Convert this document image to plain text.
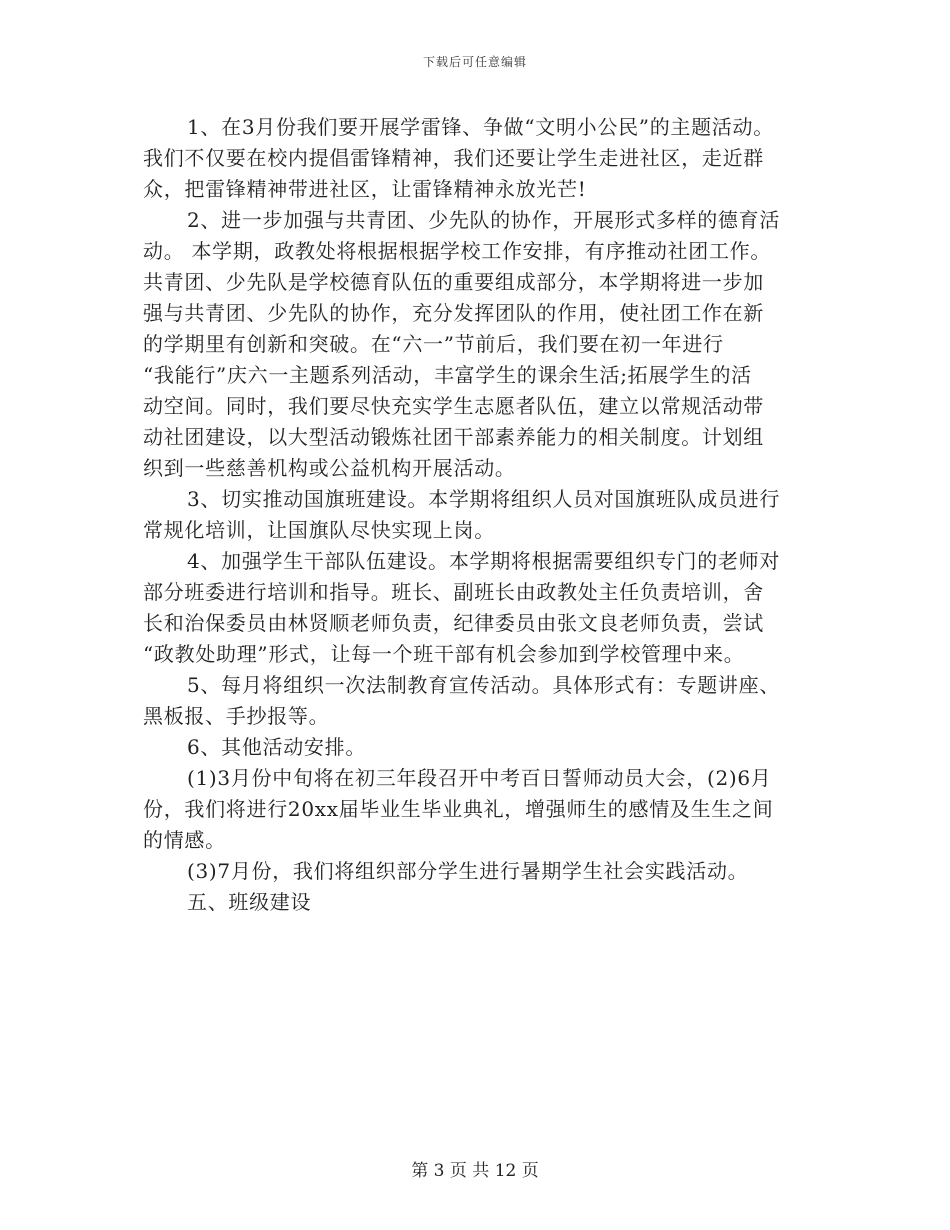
下载后可任意编辑
1、在3月份我们要开展学雷锋、争做“文明小公民”的主题活动。
我们不仅要在校内提倡雷锋精神，我们还要让学生走进社区，走近群
众，把雷锋精神带进社区，让雷锋精神永放光芒!
2、进一步加强与共青团、少先队的协作，开展形式多样的德育活
动。 本学期，政教处将根据根据学校工作安排，有序推动社团工作。
共青团、少先队是学校德育队伍的重要组成部分，本学期将进一步加
强与共青团、少先队的协作，充分发挥团队的作用，使社团工作在新
的学期里有创新和突破。在“六一”节前后，我们要在初一年进行
“我能行”庆六一主题系列活动，丰富学生的课余生活;拓展学生的活
动空间。同时，我们要尽快充实学生志愿者队伍，建立以常规活动带
动社团建设，以大型活动锻炼社团干部素养能力的相关制度。计划组
织到一些慈善机构或公益机构开展活动。
3、切实推动国旗班建设。本学期将组织人员对国旗班队成员进行
常规化培训，让国旗队尽快实现上岗。
4、加强学生干部队伍建设。本学期将根据需要组织专门的老师对
部分班委进行培训和指导。班长、副班长由政教处主任负责培训，舍
长和治保委员由林贤顺老师负责，纪律委员由张文良老师负责，尝试
“政教处助理”形式，让每一个班干部有机会参加到学校管理中来。
5、每月将组织一次法制教育宣传活动。具体形式有：专题讲座、
黑板报、手抄报等。
6、其他活动安排。
(1)3月份中旬将在初三年段召开中考百日誓师动员大会，(2)6月
份，我们将进行20xx届毕业生毕业典礼，增强师生的感情及生生之间
的情感。
(3)7月份，我们将组织部分学生进行暑期学生社会实践活动。
五、班级建设
第 3 页 共 12 页
